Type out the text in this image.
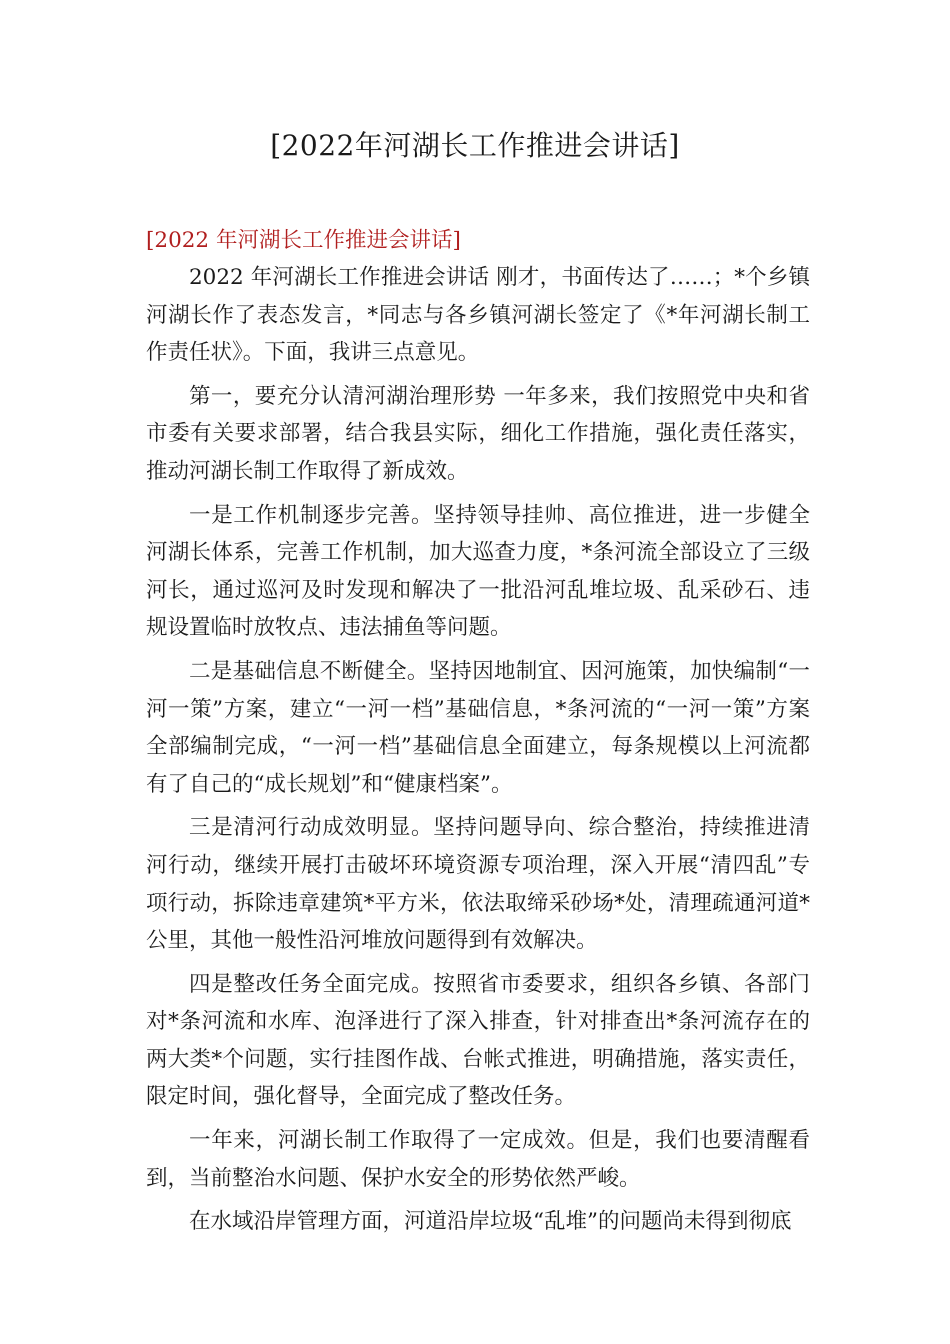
[2022年河湖长工作推进会讲话]

[2022 年河湖长工作推进会讲话]

2022 年河湖长工作推进会讲话 刚才，书面传达了……；*个乡镇河湖长作了表态发言，*同志与各乡镇河湖长签定了《*年河湖长制工作责任状》。下面，我讲三点意见。

第一，要充分认清河湖治理形势 一年多来，我们按照党中央和省市委有关要求部署，结合我县实际，细化工作措施，强化责任落实，推动河湖长制工作取得了新成效。

一是工作机制逐步完善。坚持领导挂帅、高位推进，进一步健全河湖长体系，完善工作机制，加大巡查力度，*条河流全部设立了三级河长，通过巡河及时发现和解决了一批沿河乱堆垃圾、乱采砂石、违规设置临时放牧点、违法捕鱼等问题。

二是基础信息不断健全。坚持因地制宜、因河施策，加快编制“一河一策”方案，建立“一河一档”基础信息，*条河流的“一河一策”方案全部编制完成，“一河一档”基础信息全面建立，每条规模以上河流都有了自己的“成长规划”和“健康档案”。

三是清河行动成效明显。坚持问题导向、综合整治，持续推进清河行动，继续开展打击破坏环境资源专项治理，深入开展“清四乱”专项行动，拆除违章建筑*平方米，依法取缔采砂场*处，清理疏通河道*公里，其他一般性沿河堆放问题得到有效解决。

四是整改任务全面完成。按照省市委要求，组织各乡镇、各部门对*条河流和水库、泡泽进行了深入排查，针对排查出*条河流存在的两大类*个问题，实行挂图作战、台帐式推进，明确措施，落实责任，限定时间，强化督导，全面完成了整改任务。

一年来，河湖长制工作取得了一定成效。但是，我们也要清醒看到，当前整治水问题、保护水安全的形势依然严峻。

在水域沿岸管理方面，河道沿岸垃圾“乱堆”的问题尚未得到彻底
